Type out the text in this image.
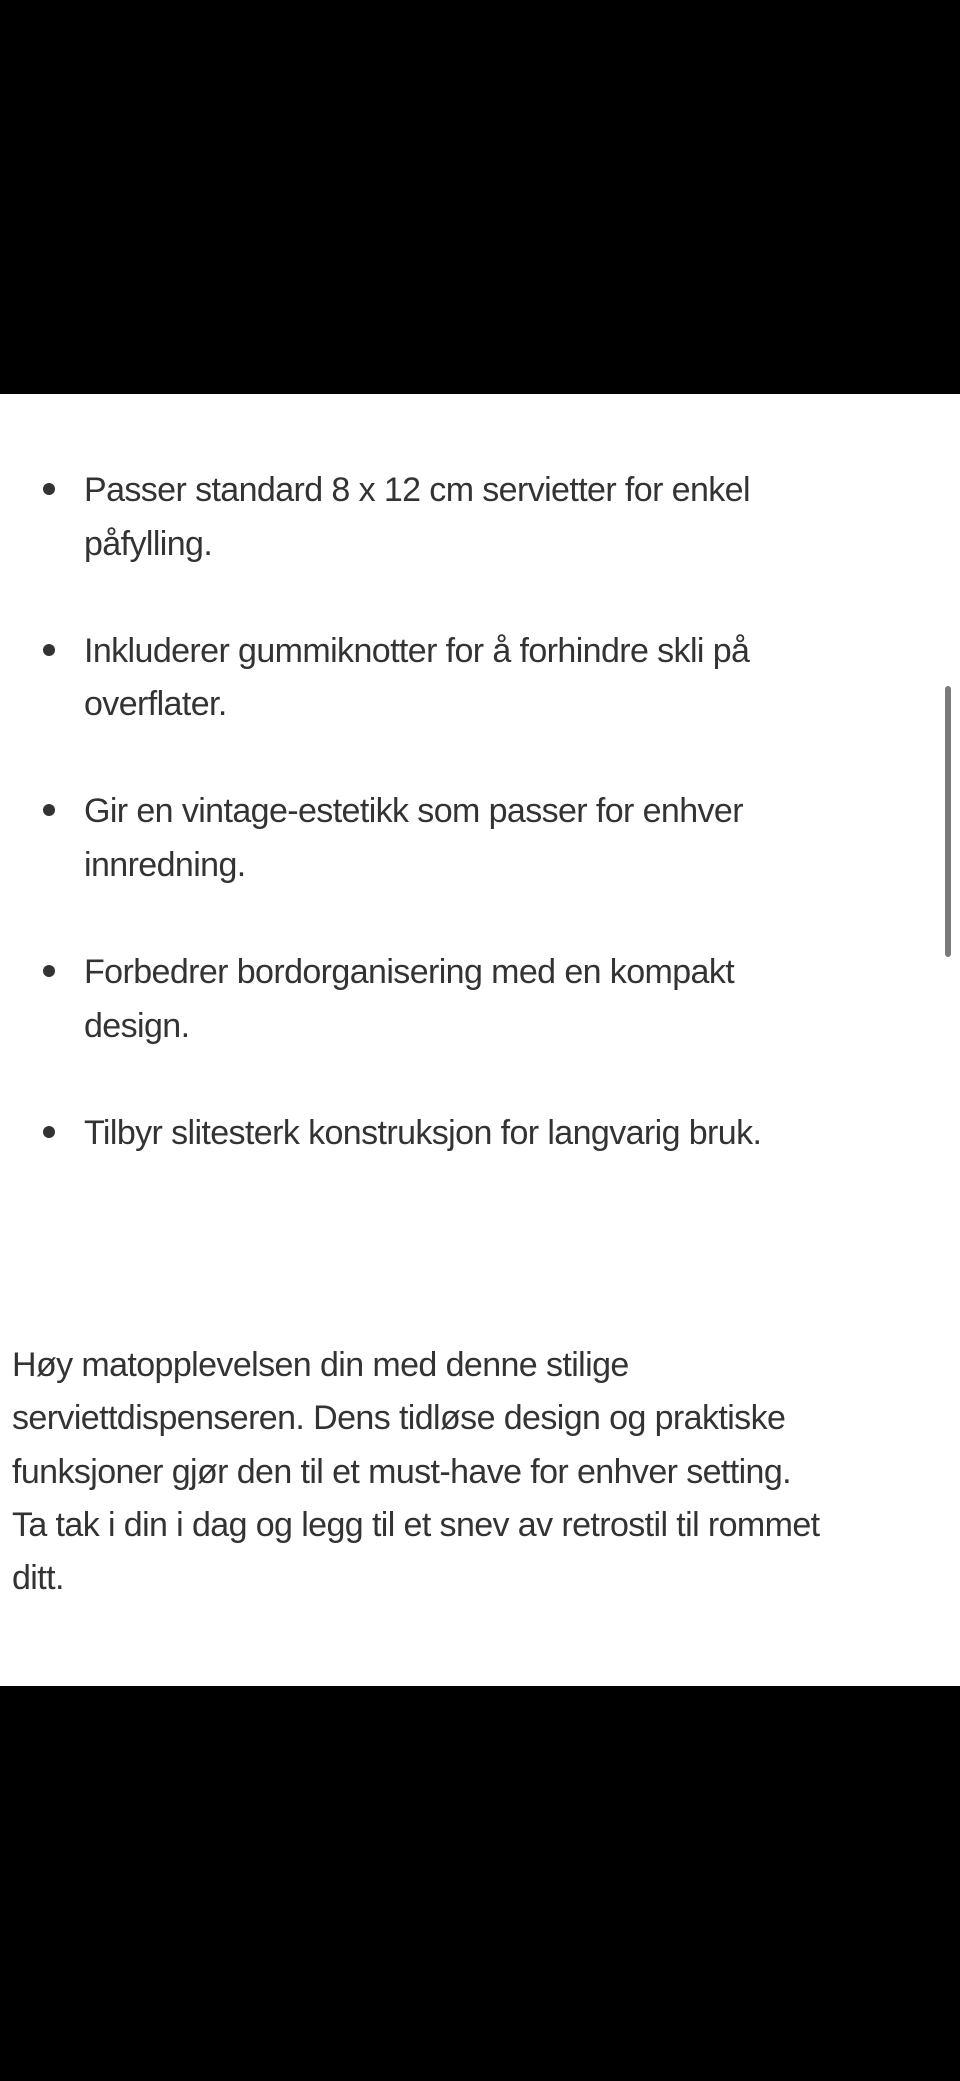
Passer standard 8 x 12 cm servietter for enkel
påfylling.
Inkluderer gummiknotter for å forhindre skli på
overflater.
Gir en vintage-estetikk som passer for enhver
innredning.
Forbedrer bordorganisering med en kompakt
design.
Tilbyr slitesterk konstruksjon for langvarig bruk.

Høy matopplevelsen din med denne stilige
serviettdispenseren. Dens tidløse design og praktiske
funksjoner gjør den til et must-have for enhver setting.
Ta tak i din i dag og legg til et snev av retrostil til rommet
ditt.
